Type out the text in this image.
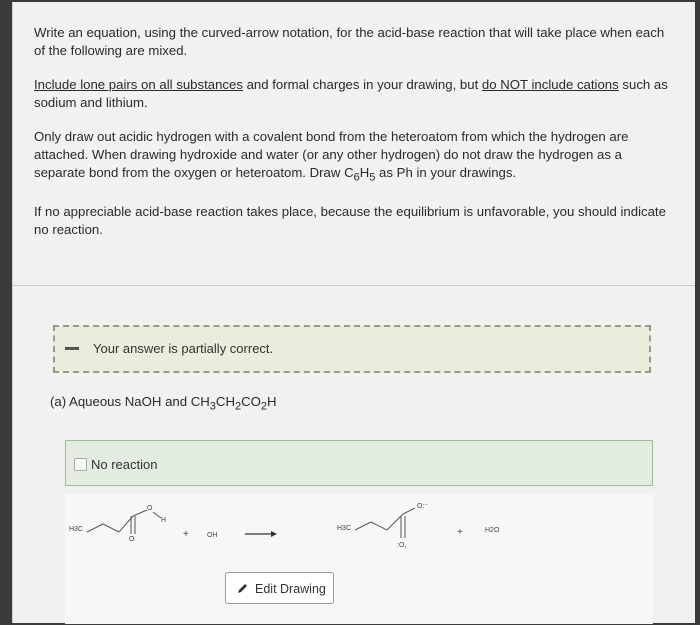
Write an equation, using the curved-arrow notation, for the acid-base reaction that will take place when each of the following are mixed.

Include lone pairs on all substances and formal charges in your drawing, but do NOT include cations such as sodium and lithium.

Only draw out acidic hydrogen with a covalent bond from the heteroatom from which the hydrogen are attached. When drawing hydroxide and water (or any other hydrogen) do not draw the hydrogen as a separate bond from the oxygen or heteroatom. Draw $C_6H_5$ as Ph in your drawings.

If no appreciable acid-base reaction takes place, because the equilibrium is unfavorable, you should indicate no reaction.

Your answer is partially correct.
(a) Aqueous NaOH and $CH_3CH_2CO_2H$
No reaction
H3C
O
H
O	+	OH
H3C
O:⁻
:O,
+	H2O
Edit Drawing
